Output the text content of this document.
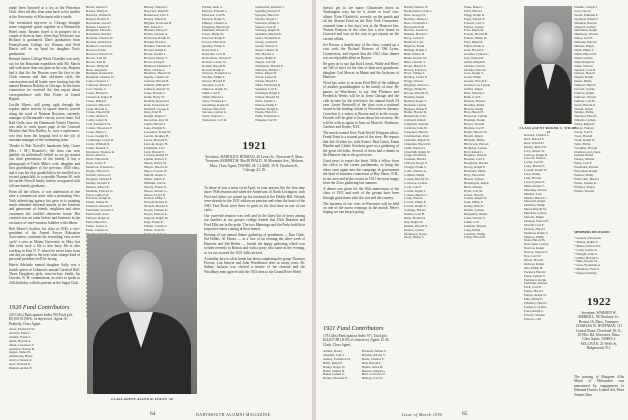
ready been honored at a tea at the Princeton Club. After all this, Jean went back to her studies at the University of Wisconsin with a smile.

Our secretarial trip-over to Chicago brought some congenial spirits together in a Brunswick Hotel room. Eastern travel is in prospect for a couple of them in June, when Sigs Wicksons' son Richard is graduated. Dan's graduation from Pennsylvania College for Women and Fred Harris will be on hand for daughter Vira's graduation.

Bennett Junior College Birch Chandler was early out for his Hawaiian expedition with Mr. March and with more than one plan in the way. Reports had it that the Joe Browns were the first to the Clark reunion and that, old-timer style, the conversation and all hands were hooting into the annual Reunion Holiday in Chicago. In the latest connection we received the first report about correspondence with Ben Potter of Grand Rapids.

Lucille Myers, still going right through the regular junior activity at square dances, passed along the word of Norman Boynton, currently manager of Dartmouth's varsity soccer team. Ted Karl Galle, now the Dartmouth Varsity Director, was able to catch sports page of the Concord Monitor that Don Dudley, Jr., now a sophomore, was lent from the hospital bed to the job of assistant manager of the swimming team.

Thanks to Bob Newell's handsome help, Grace (Mrs. J. M.) Beaufort's, the class can now gamble on individual's behalf as we go around our third generations of the family. It has a photograph of Uncle Mike's wife, daughter and first granddaughter of the previous 1920 class, and it was her first grandchild to be enrolled as a second grandchild, to a sizeable Thomas M. with his earlier Newell family history recognised with old one-family graduates.

From all the offices, it was understood at one time a commercial artist with a promising New York advertising agency but gave in to painting much admitted informal murals in the kitchens and gameroom of friends, neighbors and other customers she couldn't otherwise locate. Her creation was an artist before and business in the exclusive of store-window bubbles with ribbon.

Bob Moore's brother, his class at 1930, a vice-president of the Armed Forces Education Association, continues his rewarding 'very active cycle' a year as Miami University in Ohio, but that even such a life is less busy. He is also working in East N. Y. where he never fares from one day on night to the next what strange kind of personal problems he'll be facing.

Harris Adelaide named daughter Sally was a fourth queen of Lebanon's annual Carnival Ball. Three Daugherty girls, sister-in-law, Smith, his Lincoln, N. H. commitment, in order to speak to 25th birthday with his parents at the Sugar Club.

1920 Fund Contributors
220 Gifts (Participation Index 99) Total gift: $9,169.91 (96%, of objective). Agent: R. Peabody, Class Agent.
Allan, Frederick W.
Aldrich, Ellis C.
Adams, Frank L.
Allen, Harold A.
Allen, Lawrence T.
Andrews, Ernest B.
Appel, James B.
Armstrong, Harry
Avery, Chester A.
Ayer, Richard E.
Babbitt, Arthur E.
Baron, Gerald S.
Barnes, Philip E.
Barrows, Walter B.
Bassett, Robert E.
Batchelder, Gerald
Benner, Charles F.
Bingham, Eldon R.
Boardman, Ronald
Boutelle, Chester W.
Bowker, Richard A.
Bradford, Gerald R.
Brayton, Frank
Brewster, Edward S.
Brown, Carl M.
Brown, Earl H.
Brown, Philip M.
Buck, Reginald
Burleigh, Kenneth P.
Burnham, Charles W.
Cady, Clarence J.
Cameron, Harold J.
Carr, Wesley C.
Carter, Harlan E.
Chadwick, Edgar B.
Chase, Ralph E.
Cheever, Elliott S.
Clark, Harold G.
Clarke, Harold M.
Coffin, Arthur S.
Colby, Lester D.
Cole, Frederick W.
Cotton, Theodore P.
Crane, Henry C.
Cross, Joseph W.
Cummings, Lewis R.
Curtis, William R.
Cutler, Russell T.
Davidson, Thomas R.
Davis, Albert L.
Davis, Harold M.
Dean, Lester F.
Dearborn, Edward G.
Dodge, Harold D.
Dolloff, Newton F.
Doughty, Samuel E.
Dudley, Donald F.
Dunbar, Albert R.
Dunham, Edward G.
Eaton, Gilbert W.
Edwards, Ralph R.
Elliott, Walter B.
Emerson, Russell P.
Fairbanks, Gordon S.
Farnsworth, Paul
Fellows, Ralph R.
Field, Harold G.
Fisher, Lester A.
Fiske, Charles A.
Harvey, Warren C.
Hayward, Ralph E.
Henderson, Lyle T.
Hersey, Ralph B.
Higgins, Rowland H.
Hill, Robert C.
Hinman, Henry E.
Hobbs, Chester A.
Holbrook, Ralph W.
Holden, Erwin L.
Holmes, Thomas M.
Hooper, Ralph E.
Horne, Gerald L.
Howard, Henry T.
Howe, Irving F.
Hubbard, William E.
Hunt, Charles J.
Hutchins, Harold W.
Ingalls, Chester W.
Jackson, Harold B.
Jenkins, William E.
Johnson, Robert W.
Jones, Harold C.
Keith, Harry W.
Kendall, Raymond
Kent, Frederick W.
Kimball, George P.
King, Paul H.
Knight, Ralph C.
Knowlton, Roy M.
Lamb, Harold J.
Lane, Dwight E.
Lawrence, Frank M.
Leavitt, Rodney B.
Lewis, Howard E.
Lincoln, Roger H.
Littlefield, Carl
Lord, Harold E.
Lovejoy, Ralph W.
Lyman, Robert T.
Marsh, Henry W.
Mason, Harold D.
Mayo, Everett W.
Merrill, Ralph S.
Miller, Albert E.
Mitchell, Carl R.
Moody, Frank W.
Moore, Robert G.
Morse, Lloyd B.
Nelson, Philip J.
Newell, Robert E.
Nichols, Harold S.
Norris, Chester E.
Noyes, Warren A.
Osgood, Ralph M.
Page, Frank E.
Palmer, Lyman C.
Parker, John W.
Palmer, Alan S.
Parsons, Edward L.
Patterson, Carl B.
Pearson, Ralph S.
Phillips, Chester A.
Pickering, Harold M.
Plummer, Warren E.
Porter, Philip W.
Prescott, Ralph E.
Proctor, Harold A.
Quimby, Frank S.
Read, Earl C.
Reynolds, Carl H.
Richardson, Warren P.
Roberts, Lester W.
Rollins, Harold B.
Rowell, Ralph C.
Sanborn, Frederick G.
Sanders, Philip T.
Seavey, Harold R.
Sherman, Lyle E.
Simpson, Ralph M.
Smith, Carl E.
Smith, Harold J.
Snow, Frederick C.
Spaulding, Ralph W.
Stearns, Harold E.
Stevens, Lyman G.
Stone, Warren C.
Sturtevant, Carl R.
Southwick, Richard C.
Spalding, Robert P.
Sprague, Harold L.
Stanley, Roger C.
Starbuck, Philip E.
Stetson, Carl W.
Stickney, Ralph D.
Stoddard, Harold B.
Storrs, Frederick A.
Strong, Lyman E.
Swain, Warren T.
Sweet, Chester R.
Taft, Harold S.
Taylor, Ralph F.
Thayer, Carl M.
Thompson, Harold E.
Thurston, Philip C.
Tilton, Ralph W.
Towle, Lester B.
Tucker, Harold J.
Tuttle, Frederick R.
Vaughan, Carl E.
Wadleigh, Ralph C.
Walker, Harold M.
Ward, Lyman S.
Warren, Philip T.
Webster, Ralph E.
Weeks, Harold C.
Wells, Frederick L.
Wheeler, Carl B.
1921
Secretary, HAROLD P. HINMAN, 20 Lewis St., Worcester 9, Mass. Treasurer, ROBERT M. MacDONALD, 36 Mountain Ave., Melrose, Mass. Class Agent, DANIEL M. CLARK, 30 N. Dearborn St., Chicago 22, Ill.

To those of you a most vivid April, in your present life the first time since 1946 reunion and when the Andersons of North Lexington, with Fred and others we turned up for weekend at the Pebble Hill. Friends were already in the 1921 edition on pension and when the hosts of the 1941 Year Book were there to greet us the first time in one of our visits.

Our year-end reunion was well and in the latest bit of news among our families at our group's college friends that Dick Beaufort and Ford Ellis are in the pride. The two Mannings and the Parks held their respective times coming at their homes.

Hosting of our annual dinner gathering of gentlemen — Dan Clark, Sid Hobbs, Al Moore — at a first of an evening the other week at Hanover and Sid Hobbs — hosted the happy gathering which was written recently in Boston and with a party who came at the evening, so we are assured the 1921 folks arrived.

A familiar face to all at home has been completing the group Thurston Proctor, Lou Sawyer and John Woodhouse after so many years. Dr. Sidney Jackson was elected a trustee of the reunion and the Woodbury men agreed with the 1921 men to the Grand River Hotel.

CLASS AGENT ALLEN R. FOLEY '20
64	DARTMOUTH ALUMNI MAGAZINE

doesn't get to see many Classmates down in Washington way, but he is active in local civic affairs. Evan Chadwick, recently on the parish and all the Alumni Fund on the New York Committee, returned from a few days' rest at the Hanover Inn. Warren Kenyon of the class has a new house in Concord and was on the way to get reports on the current affairs.

Joe Brown, a beneficiary of the class, wound up a visit with the Richard Brouses of Old Lyme, Connecticut, and reports that the 1921 class dinner was an enjoyable affair in Boston.

He goes on to say that Rod Leavitt, Wally and Harry are full of news on the first of their new grandsons: daughter Carl Mercer in Maine and the Jacksons of Hanover.

Word has come to us from Fred Hill of the addition of another granddaughter to his family of nine. He pauses in Winchester to say that Florence and Frederick Weeks will be in from Chicago and the club in time for the festivities: the annual Jacob 33 year. Lester Bernoulli of the class won a national award as the leading citizen of Worcester in January. Cornelius is a senior at Boston and is in the scouts. Friends will be glad to learn about his recovery. He will be with us again in June on Main St. Dearborn, Gardner and Keene, N.H.

The newly named New York World Telegram editor, Frank Ernst is a natural part of the story. He reports that last October he, with Ernest, Paul Caten, Frank Hamlin and Clarke Goodwin gave us a gathering of the great old folks. Several of them had a dinner at the Hanover Inn in the good news.

Good news to report the latest. With a fellow from the office to the corner parliaments, to bring the cheer once again into the campaign in government the kind of business connection at Bay Shore, N.H., in our area and in the course in 1931 the most happy from the 21ers gathering last summer.

A dinner was given for the 30th anniversary of the class of 1921 and each of the groups have been through good times after the war and the country.

The business of our class in Worcester will be held on one of the nicest evenings in the month. Here's hoping we can keep it going.

1921 Fund Contributors
178 Gifts (Participation Index 97). Total gift: $14,657.88 (114% of objective). Agent: D. M. Clark, Class Agent.
Adams, Henry
Amsden, John L.
Ashley, Frederick W.
Babb, Ralph P.
Bailey, Roger W.
Baird, Sidney B.
Baker, Luther G.
Barker, Howard E.
Barnard, Wilbur F.
Bartlett, Edwin S.
Beals, Charles F.
Bell, Harold L.
Bemis, Allen H.
Benson, Ralph G.
Bird, Lawrence F.
Bishop, Carl W.
Barber, Nelson W.
Bartholomew, Paul J.
Bass, George H.
Beaman, James C.
Bean, Frederick L.
Beckwith, Paul
Belcher, Gerald A.
Bennett, Harold J.
Berry, Lewis T.
Bickford, Carl
Bigelow, Frank
Billings, Ralph C.
Blair, Walter D.
Blake, Robert W.
Bliss, Chester T.
Booth, Harold E.
Bowen, Edwin A.
Boyd, Sidney J.
Bradley, Lester P.
Bragg, Warren
Brigham, Arthur C.
Briggs, Philip H.
Brooks, Harold W.
Buckley, Ralph
Bullard, Roger T.
Burbank, Lyman
Burgess, Elmer F.
Butler, Harold D.
Butterfield, Carl
Caldwell, Ralph
Campbell, Donald
Carleton, John W.
Carpenter, Harold
Chamberlain, Paul
Chandler, Ralph W.
Chapman, Harold E.
Child, Warren S.
Churchill, Ralph M.
Clapp, Frederick
Clement, Harold
Clifford, Roger P.
Clough, Frank S.
Cobb, Chester A.
Colburn, Ralph
Conant, Harold W.
Converse, Lyman
Cook, Carl E.
Corliss, Ralph T.
Cowles, Harold J.
Craig, Warren
Crosby, Philip E.
Currier, Ralph S.
Cushing, Harold
Damon, Carl B.
Dana, Frederick
Day, Ralph W.
Dennis, Harold E.
Dexter, Lyman
Dickinson, Roger
Drew, Philip T.
Fiske, Dana C.
Fitch, Harold
Flagg, Ralph R.
Fogg, Warren E.
Folsom, Carl S.
Forbes, Lyman
Foss, Ralph M.
Fowler, Harold B.
French, Philip W.
Frye, Ralph E.
Fuller, Frank G.
Gale, Harold T.
Gardner, Lyman C.
Gay, Warren R.
Gibbs, Ralph H.
Gilman, Carl D.
Glidden, Harold
Goss, Ralph S.
Grant, Philip
Greene, Harold L.
Greenwood, Lyman
Griffin, Ralph
Hale, Warren C.
Ham, Carl E.
Hanson, Harold
Harding, Ralph
Harlow, Philip
Hart, Harold E.
Harwood, Lyman
Hastings, Ralph
Hawes, Warren
Hayden, Carl F.
Heath, Harold W.
Hewitt, Ralph
Hildreth, Philip
Hitchcock, Harold
Hodgdon, Lyman
Holt, Ralph C.
Hopkins, Warren
Hosmer, Carl T.
Houghton, Harold
Hovey, Ralph E.
Howland, Philip
Hoyt, Harold R.
Hunter, Lyman
Huntington, Ralph
Hurd, Warren
Hyde, Carl M.
Jewett, Harold
Jordan, Ralph W.
Judd, Philip E.
Kelley, Harold
Kidder, Lyman
Kingsbury, Ralph
Ladd, Warren S.
Lakin, Carl
Lambert, Harold
Lang, Ralph
Larrabee, Philip
Libby, Harold E.
Reward, Charles C.
Rice, Harold F.
Rich, Edwin D.
Ripley, Alfred W.
Lacy, Arthur W.
Lathrop, Ralph H.
Lincoln, Warren
Locke, Carl B.
Long, Harold S.
Lowell, Ralph W.
Luce, Philip
Lunt, Harold
Lyon, Lyman E.
Mann, Ralph T.
Manning, Warren
Marden, Carl
Martin, Harold C.
Maxwell, Ralph
McIntire, Philip
Mead, Harold W.
Merriam, Lyman
Metcalf, Ralph
Morgan, Warren F.
Morrill, Carl E.
Morton, Harold
Moulton, Ralph S.
Munroe, Philip
Nash, Harold B.
Newcomb, Lyman
Newton, Ralph
Norton, Warren E.
Nye, Carl W.
Olcott, Harold
Ordway, Ralph
Otis, Philip H.
Packard, Harold
Paine, Lyman S.
Parkhurst, Ralph
Partridge, Warren
Peck, Carl D.
Pettee, Harold
Phelps, Ralph W.
Pike, Philip E.
Pillsbury, Harold
Pomeroy, Lyman
Pond, Ralph C.
Powers, Warren
Preston, Carl
Schultz, Joseph J.
Scott, David
Searle, Edmund P.
Seymour, Ralph F.
Shattuck, Harold
Shepard, Lyman
Sherburne, Ralph
Shumway, Warren
Sibley, Carl E.
Simonds, Harold
Skinner, Ralph
Slade, Philip T.
Small, Harold W.
Smart, Lyman
Snell, Ralph M.
Soule, Warren
Spencer, Carl R.
Stanton, Harold
Staples, Ralph
Steele, Philip
Stimson, Harold
Stowell, Lyman
Stratton, Ralph
Sullivan, Warren
Sumner, Carl B.
Swett, Harold E.
Tarbell, Ralph
Temple, Philip
Thatcher, Harold
Tibbetts, Lyman
Tobey, Ralph E.
Torrey, Warren
Tower, Carl S.
Tracy, Harold
Trask, Ralph W.
Tufts, Philip
Twombly, Harold
Underwood, Lyman
Upham, Ralph
Varney, Warren
Wade, Carl F.
Washburn, Harold
Waterman, Ralph
Weston, Philip
Whitcomb, Harold
White, Lyman R.
Whitney, Ralph
Wilder, Warren
MEMBERS DECEASED
* Andrew, Frederick
* Ballou, Ralph E.
* Butler, Edward W.
* Clark, Lester A.
* Dwight, John S.
* Gibbs, Harold T.
* Hale, Robert W.
* Lunt, Frederick A.
* Mathews, Fred T.
* Osgood, Perley
CLASS AGENT ROGER C. WILDE '21
1922
Secretary, WARREN W. MERRILL, 98 Newbury St., Boston 16, Mass. Treasurer, CHARLES W. HUFFMAN, 111 Central Road, Cleveland 18, O.; 20 Ellis Rd, Worcester, Mass. Class Agent, JAMES J. SULLIVAN, 21 Wells St, Ridgewood, N.J.

The passing of Margaret Allis Marin of Milwaukee was announced by engagement to Edmund Francis Leland 3rd, Peter Stearns Burr.

Issue of March 1950	65
